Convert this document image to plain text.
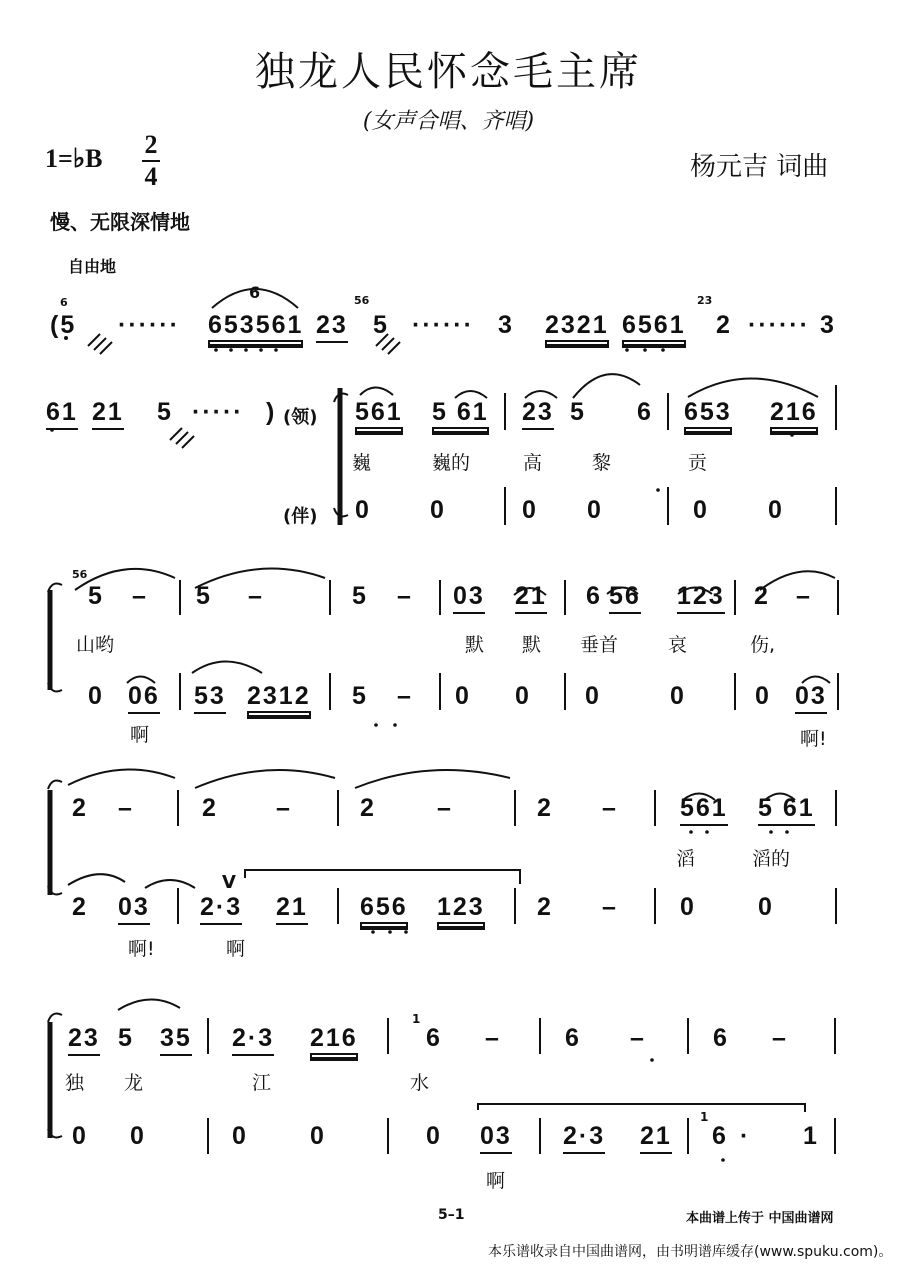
独龙人民怀念毛主席
(女声合唱、齐唱)
1=♭B 2
4	杨元吉 词曲
慢、无限深情地
自由地
(5 ······ 653561 23 5 ······ 3 2321 6561 2 ······ 3
6	56	23
6
61 21 5 ····· ) (领)
(伴)
561 5 61 23 5 6 653 216
巍	巍的	高	黎	贡
0 0	0 0	0 0
56
5 – 5 –	5 – 03 21 6 56 123 2 –
山哟	默 默 垂首	哀	伤,
0 06 53 2312 5 – 0 0 0	0	0 03
啊	啊!
2 –	2 –	2 –	2 – 561 5 61
滔	滔的
V
2 03 2·3 21 656 123 2 – 0 0
啊!	啊
23 5 35 2·3 216
1
6 –	6 –	6 –
独 龙	江	水
0 0	0 0	0 03 2·3 21
1
6 · 1
啊
5–1	本曲谱上传于 中国曲谱网
本乐谱收录自中国曲谱网，由书明谱库缓存(www.spuku.com)。
